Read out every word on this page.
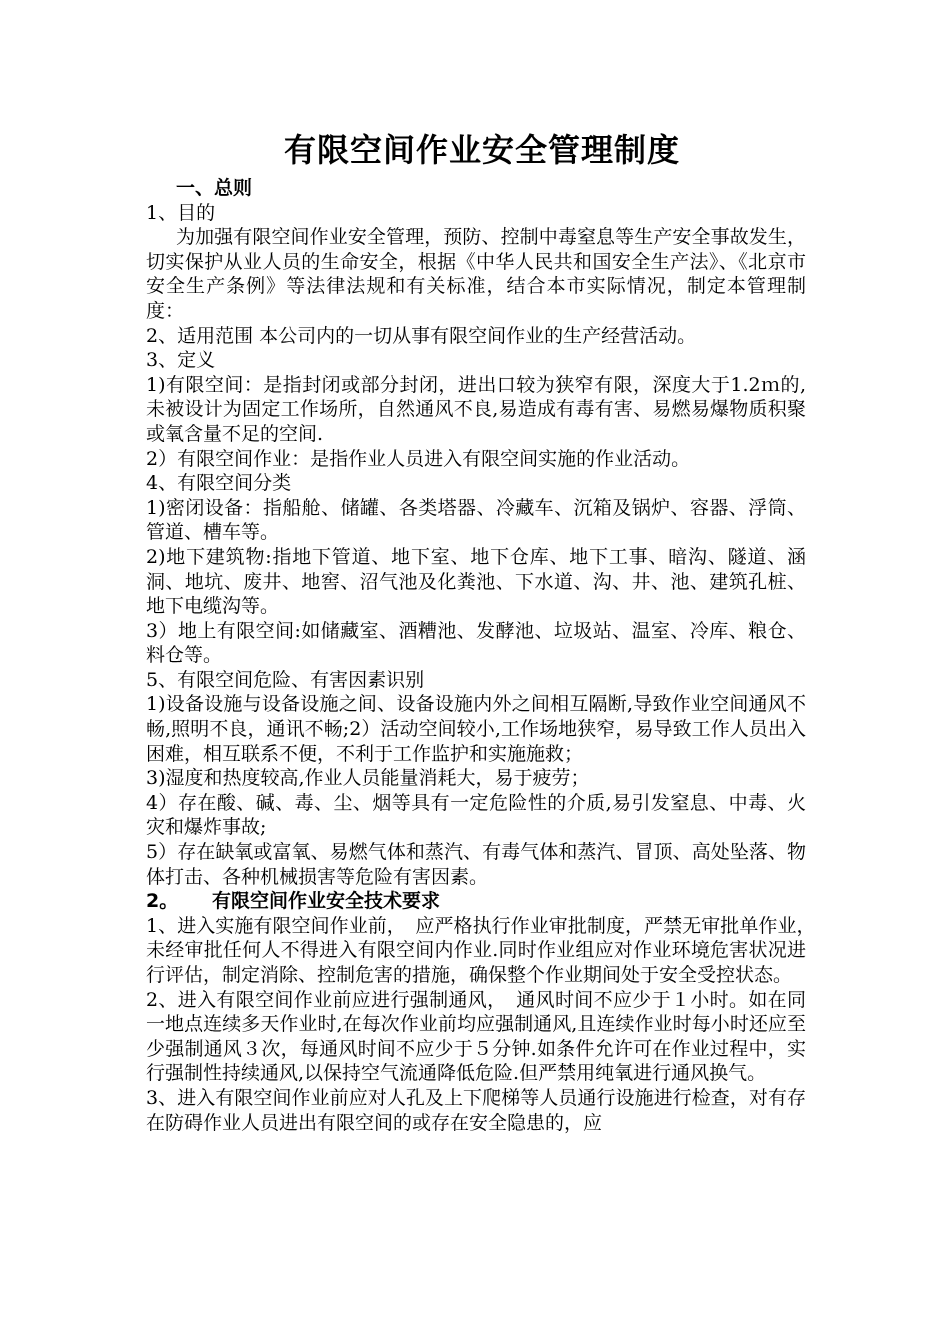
有限空间作业安全管理制度

一、总则

1、目的

为加强有限空间作业安全管理，预防、控制中毒窒息等生产安全事故发生，切实保护从业人员的生命安全，根据《中华人民共和国安全生产法》、《北京市安全生产条例》等法律法规和有关标准，结合本市实际情况，制定本管理制度：

2、适用范围 本公司内的一切从事有限空间作业的生产经营活动。

3、定义

1)有限空间：是指封闭或部分封闭，进出口较为狭窄有限，深度大于1.2ｍ的,未被设计为固定工作场所，自然通风不良,易造成有毒有害、易燃易爆物质积聚或氧含量不足的空间.

2）有限空间作业：是指作业人员进入有限空间实施的作业活动。

4、有限空间分类

1)密闭设备：指船舱、储罐、各类塔器、冷藏车、沉箱及锅炉、容器、浮筒、管道、槽车等。

2)地下建筑物:指地下管道、地下室、地下仓库、地下工事、暗沟、隧道、涵洞、地坑、废井、地窖、沼气池及化粪池、下水道、沟、井、池、建筑孔桩、地下电缆沟等。

3）地上有限空间:如储藏室、酒糟池、发酵池、垃圾站、温室、冷库、粮仓、料仓等。

5、有限空间危险、有害因素识别

1)设备设施与设备设施之间、设备设施内外之间相互隔断,导致作业空间通风不畅,照明不良，通讯不畅;2）活动空间较小,工作场地狭窄，易导致工作人员出入困难，相互联系不便，不利于工作监护和实施施救；

3)湿度和热度较高,作业人员能量消耗大，易于疲劳；

4）存在酸、碱、毒、尘、烟等具有一定危险性的介质,易引发窒息、中毒、火灾和爆炸事故;

5）存在缺氧或富氧、易燃气体和蒸汽、有毒气体和蒸汽、冒顶、高处坠落、物体打击、各种机械损害等危险有害因素。

2。 有限空间作业安全技术要求

1、进入实施有限空间作业前，　应严格执行作业审批制度，严禁无审批单作业，　未经审批任何人不得进入有限空间内作业.同时作业组应对作业环境危害状况进行评估，制定消除、控制危害的措施，确保整个作业期间处于安全受控状态。

2、进入有限空间作业前应进行强制通风，　通风时间不应少于１小时。如在同一地点连续多天作业时,在每次作业前均应强制通风,且连续作业时每小时还应至少强制通风３次，每通风时间不应少于５分钟.如条件允许可在作业过程中，实行强制性持续通风,以保持空气流通降低危险.但严禁用纯氧进行通风换气。

3、进入有限空间作业前应对人孔及上下爬梯等人员通行设施进行检查，对有存在防碍作业人员进出有限空间的或存在安全隐患的，应
